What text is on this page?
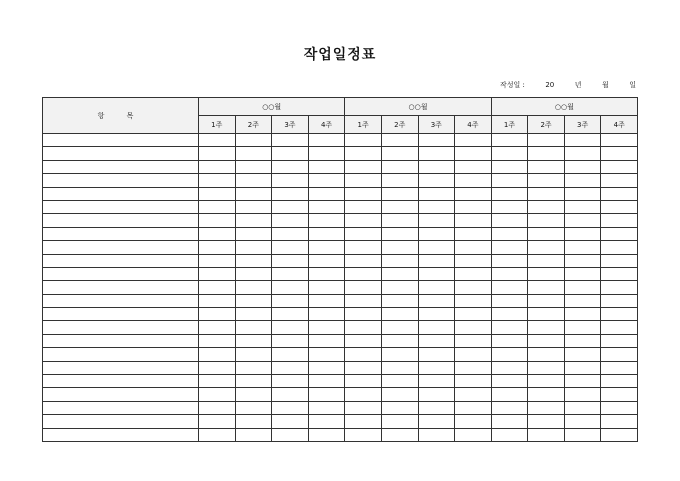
작업일정표
작성일 :	20	년	월	일
항 목	○○월				○○월				○○월			
	1주	2주	3주	4주	1주	2주	3주	4주	1주	2주	3주	4주
